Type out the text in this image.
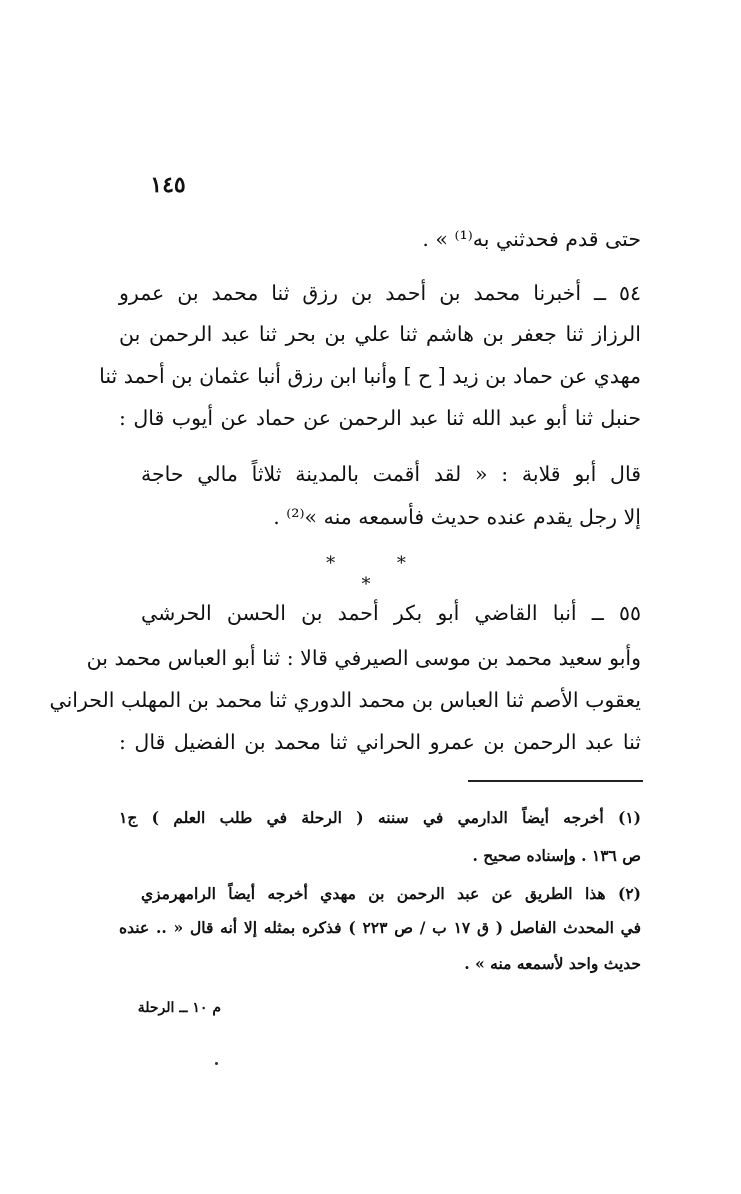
١٤٥
حتى قدم فحدثني به⁽¹⁾ » .
٥٤ ــ أخبرنا محمد بن أحمد بن رزق ثنا محمد بن عمرو
الرزاز ثنا جعفر بن هاشم ثنا علي بن بحر ثنا عبد الرحمن بن
مهدي عن حماد بن زيد [ ح ] وأنبا ابن رزق أنبا عثمان بن أحمد ثنا
حنبل ثنا أبو عبد الله ثنا عبد الرحمن عن حماد عن أيوب قال :
قال أبو قلابة : « لقد أقمت بالمدينة ثلاثاً مالي حاجة
إلا رجل يقدم عنده حديث فأسمعه منه »⁽²⁾ .
* * *
٥٥ ــ أنبا القاضي أبو بكر أحمد بن الحسن الحرشي
وأبو سعيد محمد بن موسى الصيرفي قالا : ثنا أبو العباس محمد بن
يعقوب الأصم ثنا العباس بن محمد الدوري ثنا محمد بن المهلب الحراني
ثنا عبد الرحمن بن عمرو الحراني ثنا محمد بن الفضيل قال :
(١) أخرجه أيضاً الدارمي في سننه ( الرحلة في طلب العلم ) ج١
ص ١٣٦ . وإسناده صحيح .
(٢) هذا الطريق عن عبد الرحمن بن مهدي أخرجه أيضاً الرامهرمزي
في المحدث الفاصل ( ق ١٧ ب / ص ٢٢٣ ) فذكره بمثله إلا أنه قال « .. عنده
حديث واحد لأسمعه منه » .
م ١٠ ــ الرحلة
